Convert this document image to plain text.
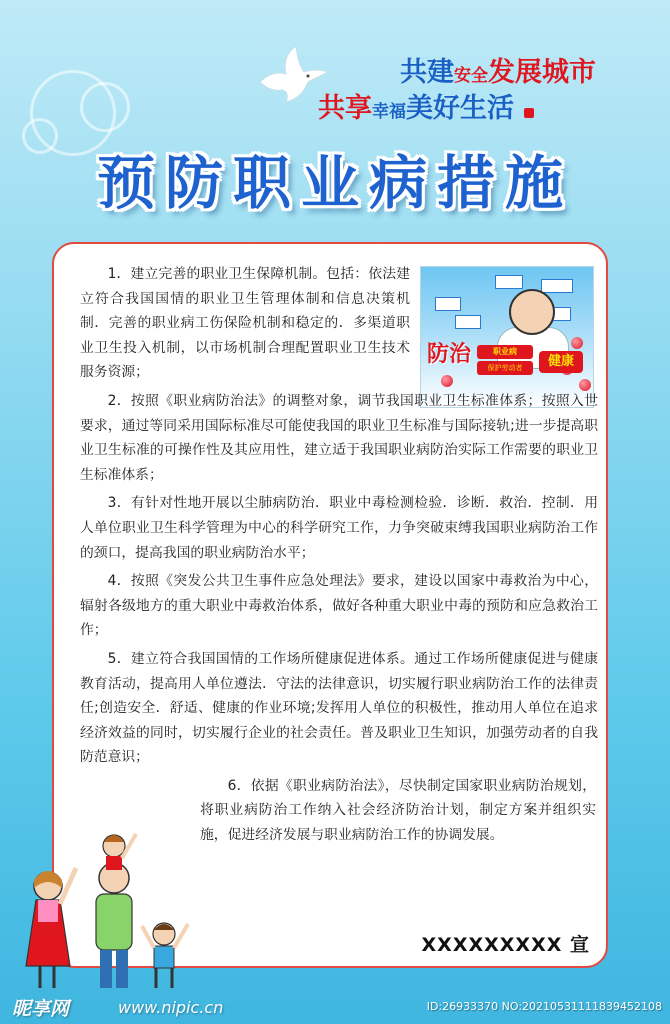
共建安全发展城市
共享幸福美好生活
预防职业病措施
防治	职业病
保护劳动者	健康

1．建立完善的职业卫生保障机制。包括：依法建立符合我国国情的职业卫生管理体制和信息决策机制．完善的职业病工伤保险机制和稳定的．多渠道职业卫生投入机制，以市场机制合理配置职业卫生技术服务资源；

2．按照《职业病防治法》的调整对象，调节我国职业卫生标准体系；按照入世要求，通过等同采用国际标准尽可能使我国的职业卫生标准与国际接轨;进一步提高职业卫生标准的可操作性及其应用性，建立适于我国职业病防治实际工作需要的职业卫生标准体系；

3．有针对性地开展以尘肺病防治．职业中毒检测检验．诊断．救治．控制．用人单位职业卫生科学管理为中心的科学研究工作，力争突破束缚我国职业病防治工作的颈口，提高我国的职业病防治水平；

4．按照《突发公共卫生事件应急处理法》要求，建设以国家中毒救治为中心，辐射各级地方的重大职业中毒救治体系，做好各种重大职业中毒的预防和应急救治工作；

5．建立符合我国国情的工作场所健康促进体系。通过工作场所健康促进与健康教育活动，提高用人单位遵法．守法的法律意识，切实履行职业病防治工作的法律责任;创造安全．舒适、健康的作业环境;发挥用人单位的积极性，推动用人单位在追求经济效益的同时，切实履行企业的社会责任。普及职业卫生知识，加强劳动者的自我防范意识；

6．依据《职业病防治法》，尽快制定国家职业病防治规划，将职业病防治工作纳入社会经济防治计划，制定方案并组织实施，促进经济发展与职业病防治工作的协调发展。

XXXXXXXXX 宣
昵享网	www.nipic.cn	ID:26933370 NO:20210531111839452108
